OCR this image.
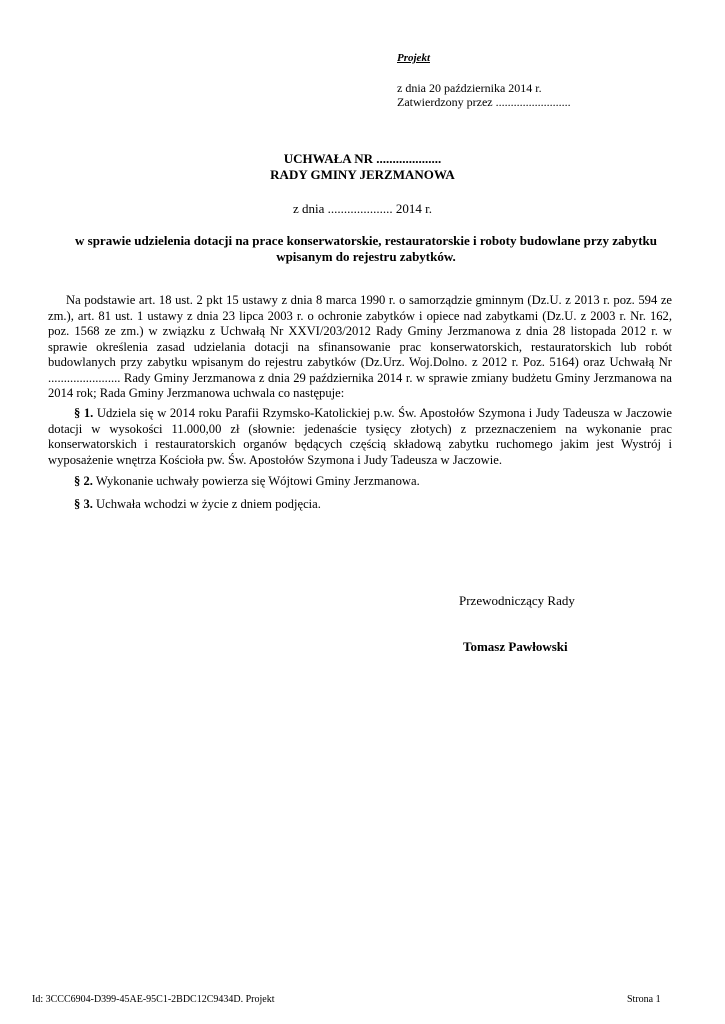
Projekt
z dnia 20 października 2014 r.
Zatwierdzony przez .........................
UCHWAŁA NR ....................
RADY GMINY JERZMANOWA
z dnia .................... 2014 r.
w sprawie udzielenia dotacji na prace konserwatorskie, restauratorskie i roboty budowlane przy zabytku wpisanym do rejestru zabytków.
Na podstawie art. 18 ust. 2 pkt 15 ustawy z dnia 8 marca 1990 r. o samorządzie gminnym (Dz.U. z 2013 r. poz. 594 ze zm.), art. 81 ust. 1 ustawy z dnia 23 lipca 2003 r. o ochronie zabytków i opiece nad zabytkami (Dz.U. z 2003 r. Nr. 162, poz. 1568 ze zm.) w związku z Uchwałą Nr XXVI/203/2012 Rady Gminy Jerzmanowa z dnia 28 listopada 2012 r. w sprawie określenia zasad udzielania dotacji na sfinansowanie prac konserwatorskich, restauratorskich lub robót budowlanych przy zabytku wpisanym do rejestru zabytków (Dz.Urz. Woj.Dolno. z 2012 r. Poz. 5164) oraz Uchwałą Nr ....................... Rady Gminy Jerzmanowa z dnia 29 października 2014 r. w sprawie zmiany budżetu Gminy Jerzmanowa na 2014 rok; Rada Gminy Jerzmanowa uchwala co następuje:
§ 1. Udziela się w 2014 roku Parafii Rzymsko-Katolickiej p.w. Św. Apostołów Szymona i Judy Tadeusza w Jaczowie dotacji w wysokości 11.000,00 zł (słownie: jedenaście tysięcy złotych) z przeznaczeniem na wykonanie prac konserwatorskich i restauratorskich organów będących częścią składową zabytku ruchomego jakim jest Wystrój i wyposażenie wnętrza Kościoła pw. Św. Apostołów Szymona i Judy Tadeusza w Jaczowie.
§ 2. Wykonanie uchwały powierza się Wójtowi Gminy Jerzmanowa.
§ 3. Uchwała wchodzi w życie z dniem podjęcia.
Przewodniczący Rady
Tomasz Pawłowski
Id: 3CCC6904-D399-45AE-95C1-2BDC12C9434D. Projekt	Strona 1
